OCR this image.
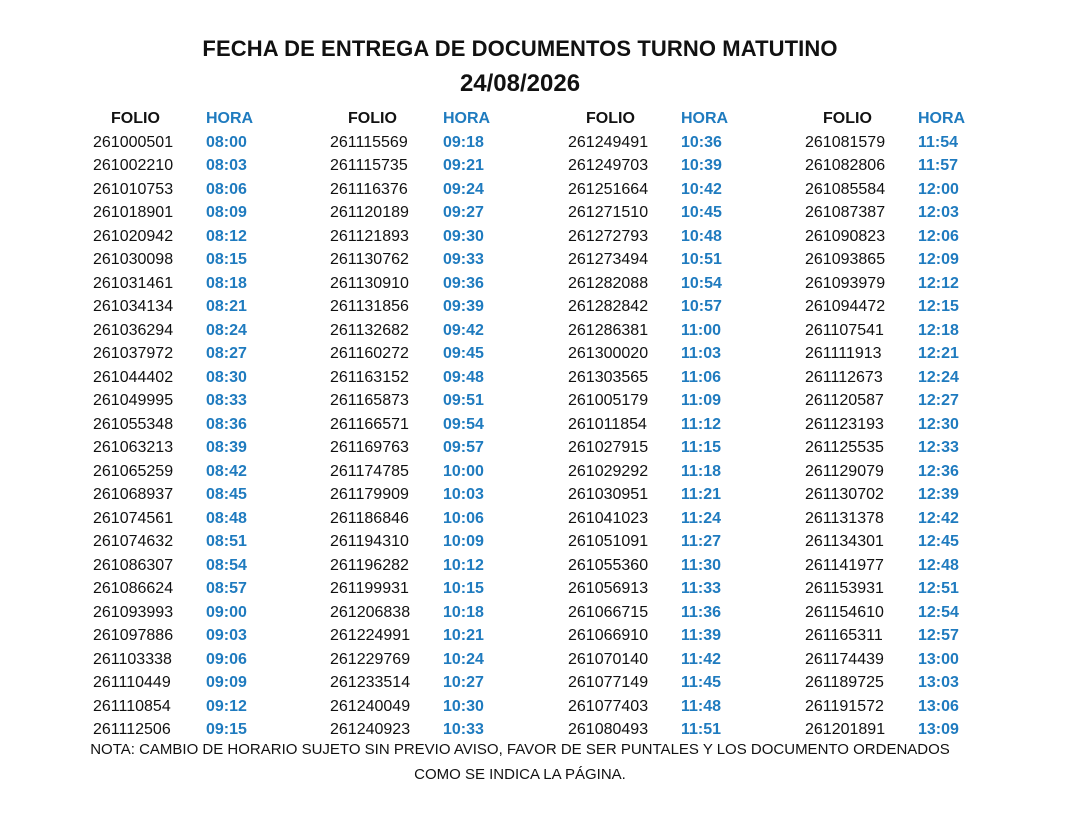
FECHA DE ENTREGA DE DOCUMENTOS TURNO MATUTINO
24/08/2026
FOLIO	HORA
261000501 08:00
261002210 08:03
261010753 08:06
261018901 08:09
261020942 08:12
261030098 08:15
261031461 08:18
261034134 08:21
261036294 08:24
261037972 08:27
261044402 08:30
261049995 08:33
261055348 08:36
261063213 08:39
261065259 08:42
261068937 08:45
261074561 08:48
261074632 08:51
261086307 08:54
261086624 08:57
261093993 09:00
261097886 09:03
261103338 09:06
261110449 09:09
261110854 09:12
261112506 09:15
FOLIO	HORA
261115569 09:18
261115735 09:21
261116376 09:24
261120189 09:27
261121893 09:30
261130762 09:33
261130910 09:36
261131856 09:39
261132682 09:42
261160272 09:45
261163152 09:48
261165873 09:51
261166571 09:54
261169763 09:57
261174785 10:00
261179909 10:03
261186846 10:06
261194310 10:09
261196282 10:12
261199931 10:15
261206838 10:18
261224991 10:21
261229769 10:24
261233514 10:27
261240049 10:30
261240923 10:33
FOLIO	HORA
261249491 10:36
261249703 10:39
261251664 10:42
261271510 10:45
261272793 10:48
261273494 10:51
261282088 10:54
261282842 10:57
261286381 11:00
261300020 11:03
261303565 11:06
261005179 11:09
261011854 11:12
261027915 11:15
261029292 11:18
261030951 11:21
261041023 11:24
261051091 11:27
261055360 11:30
261056913 11:33
261066715 11:36
261066910 11:39
261070140 11:42
261077149 11:45
261077403 11:48
261080493 11:51
FOLIO	HORA
261081579 11:54
261082806 11:57
261085584 12:00
261087387 12:03
261090823 12:06
261093865 12:09
261093979 12:12
261094472 12:15
261107541 12:18
261111913 12:21
261112673 12:24
261120587 12:27
261123193 12:30
261125535 12:33
261129079 12:36
261130702 12:39
261131378 12:42
261134301 12:45
261141977 12:48
261153931 12:51
261154610 12:54
261165311 12:57
261174439 13:00
261189725 13:03
261191572 13:06
261201891 13:09
NOTA: CAMBIO DE HORARIO SUJETO SIN PREVIO AVISO, FAVOR DE SER PUNTALES Y LOS DOCUMENTO ORDENADOS
COMO SE INDICA LA PÁGINA.
